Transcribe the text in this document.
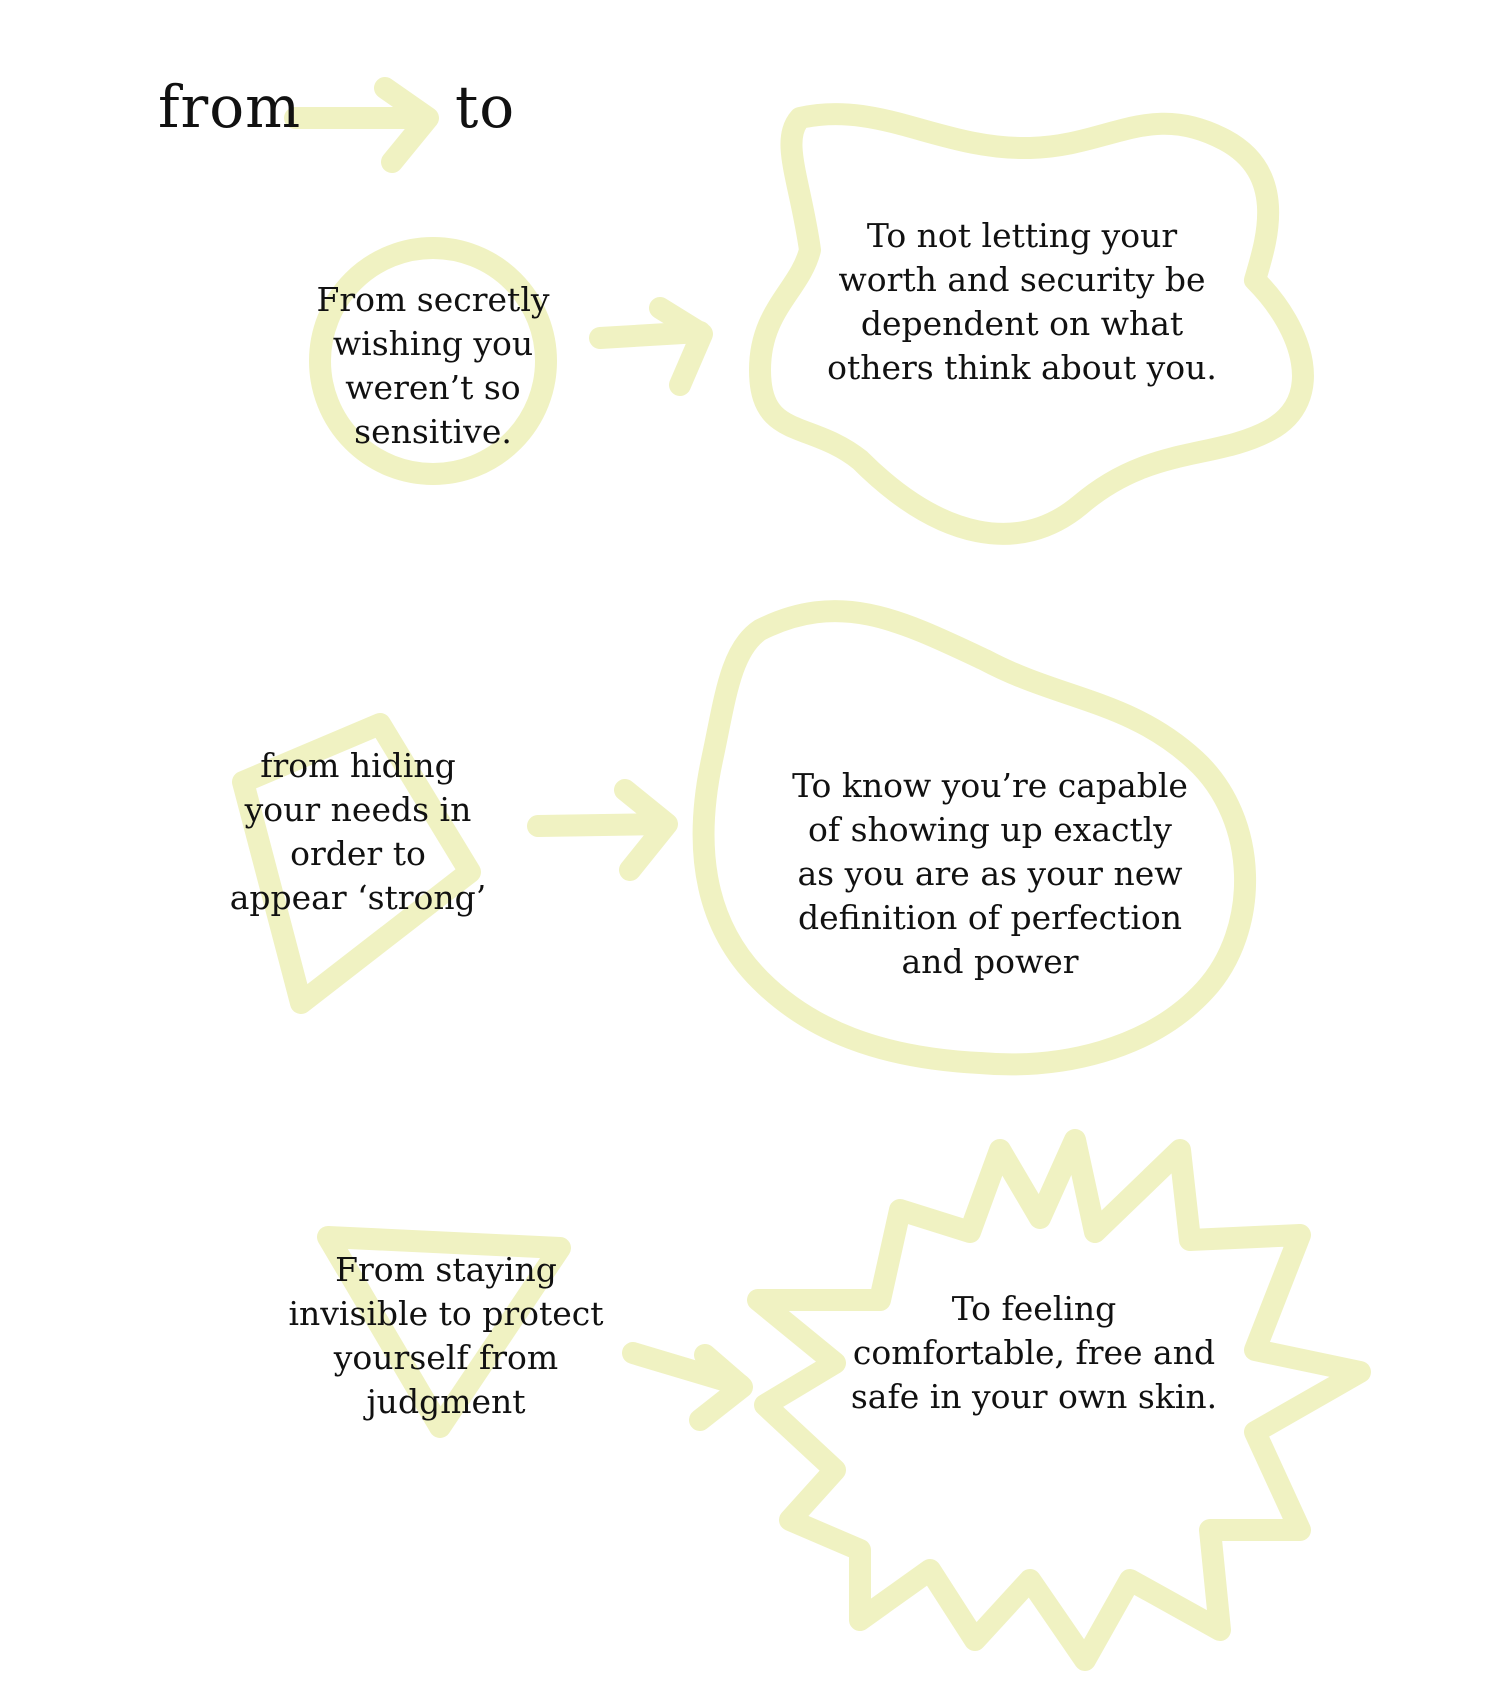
from	to
From secretly
wishing you
weren’t so
sensitive.
To not letting your
worth and security be
dependent on what
others think about you.
from hiding
your needs in
order to
appear ‘strong’
To know you’re capable
of showing up exactly
as you are as your new
definition of perfection
and power
From staying
invisible to protect
yourself from
judgment
To feeling
comfortable, free and
safe in your own skin.
